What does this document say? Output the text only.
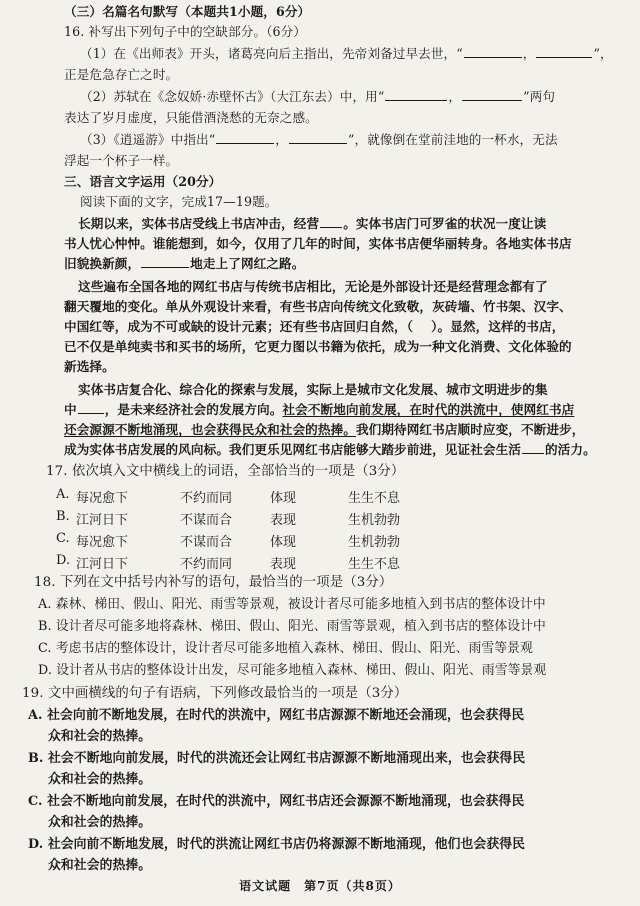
（三）名篇名句默写（本题共1小题，6分）
16. 补写出下列句子中的空缺部分。（6分）
（1）在《出师表》开头，诸葛亮向后主指出，先帝刘备过早去世，“	，	”，
正是危急存亡之时。
（2）苏轼在《念奴娇·赤壁怀古》（大江东去）中，用“	，	”两句
表达了岁月虚度，只能借酒浇愁的无奈之感。
（3）《逍遥游》中指出“	，	”，就像倒在堂前洼地的一杯水，无法
浮起一个杯子一样。
三、语言文字运用（20分）
阅读下面的文字，完成17—19题。
长期以来，实体书店受线上书店冲击，经营 。实体书店门可罗雀的状况一度让读
书人忧心忡忡。谁能想到，如今，仅用了几年的时间，实体书店便华丽转身。各地实体书店
旧貌换新颜，	地走上了网红之路。
这些遍布全国各地的网红书店与传统书店相比，无论是外部设计还是经营理念都有了
翻天覆地的变化。单从外观设计来看，有些书店向传统文化致敬，灰砖墙、竹书架、汉字、
中国红等，成为不可或缺的设计元素；还有些书店回归自然，（ ）。显然，这样的书店，
已不仅是单纯卖书和买书的场所，它更力图以书籍为依托，成为一种文化消费、文化体验的
新选择。
实体书店复合化、综合化的探索与发展，实际上是城市文化发展、城市文明进步的集
中 ，是未来经济社会的发展方向。社会不断地向前发展，在时代的洪流中，使网红书店
还会源源不断地涌现，也会获得民众和社会的热捧。我们期待网红书店顺时应变，不断进步，
成为实体书店发展的风向标。我们更乐见网红书店能够大踏步前进，见证社会生活 的活力。
17. 依次填入文中横线上的词语，全部恰当的一项是（3分）
A. 每况愈下	不约而同	体现	生生不息
B. 江河日下	不谋而合	表现	生机勃勃
C. 每况愈下	不谋而合	体现	生机勃勃
D. 江河日下	不约而同	表现	生生不息
18. 下列在文中括号内补写的语句，最恰当的一项是（3分）
A. 森林、梯田、假山、阳光、雨雪等景观，被设计者尽可能多地植入到书店的整体设计中
B. 设计者尽可能多地将森林、梯田、假山、阳光、雨雪等景观，植入到书店的整体设计中
C. 考虑书店的整体设计，设计者尽可能多地植入森林、梯田、假山、阳光、雨雪等景观
D. 设计者从书店的整体设计出发，尽可能多地植入森林、梯田、假山、阳光、雨雪等景观
19. 文中画横线的句子有语病，下列修改最恰当的一项是（3分）
A. 社会向前不断地发展，在时代的洪流中，网红书店源源不断地还会涌现，也会获得民
众和社会的热捧。
B. 社会不断地向前发展，时代的洪流还会让网红书店源源不断地涌现出来，也会获得民
众和社会的热捧。
C. 社会不断地向前发展，在时代的洪流中，网红书店还会源源不断地涌现，也会获得民
众和社会的热捧。
D. 社会向前不断地发展，时代的洪流让网红书店仍将源源不断地涌现，他们也会获得民
众和社会的热捧。
语文试题　第7页（共8页）
